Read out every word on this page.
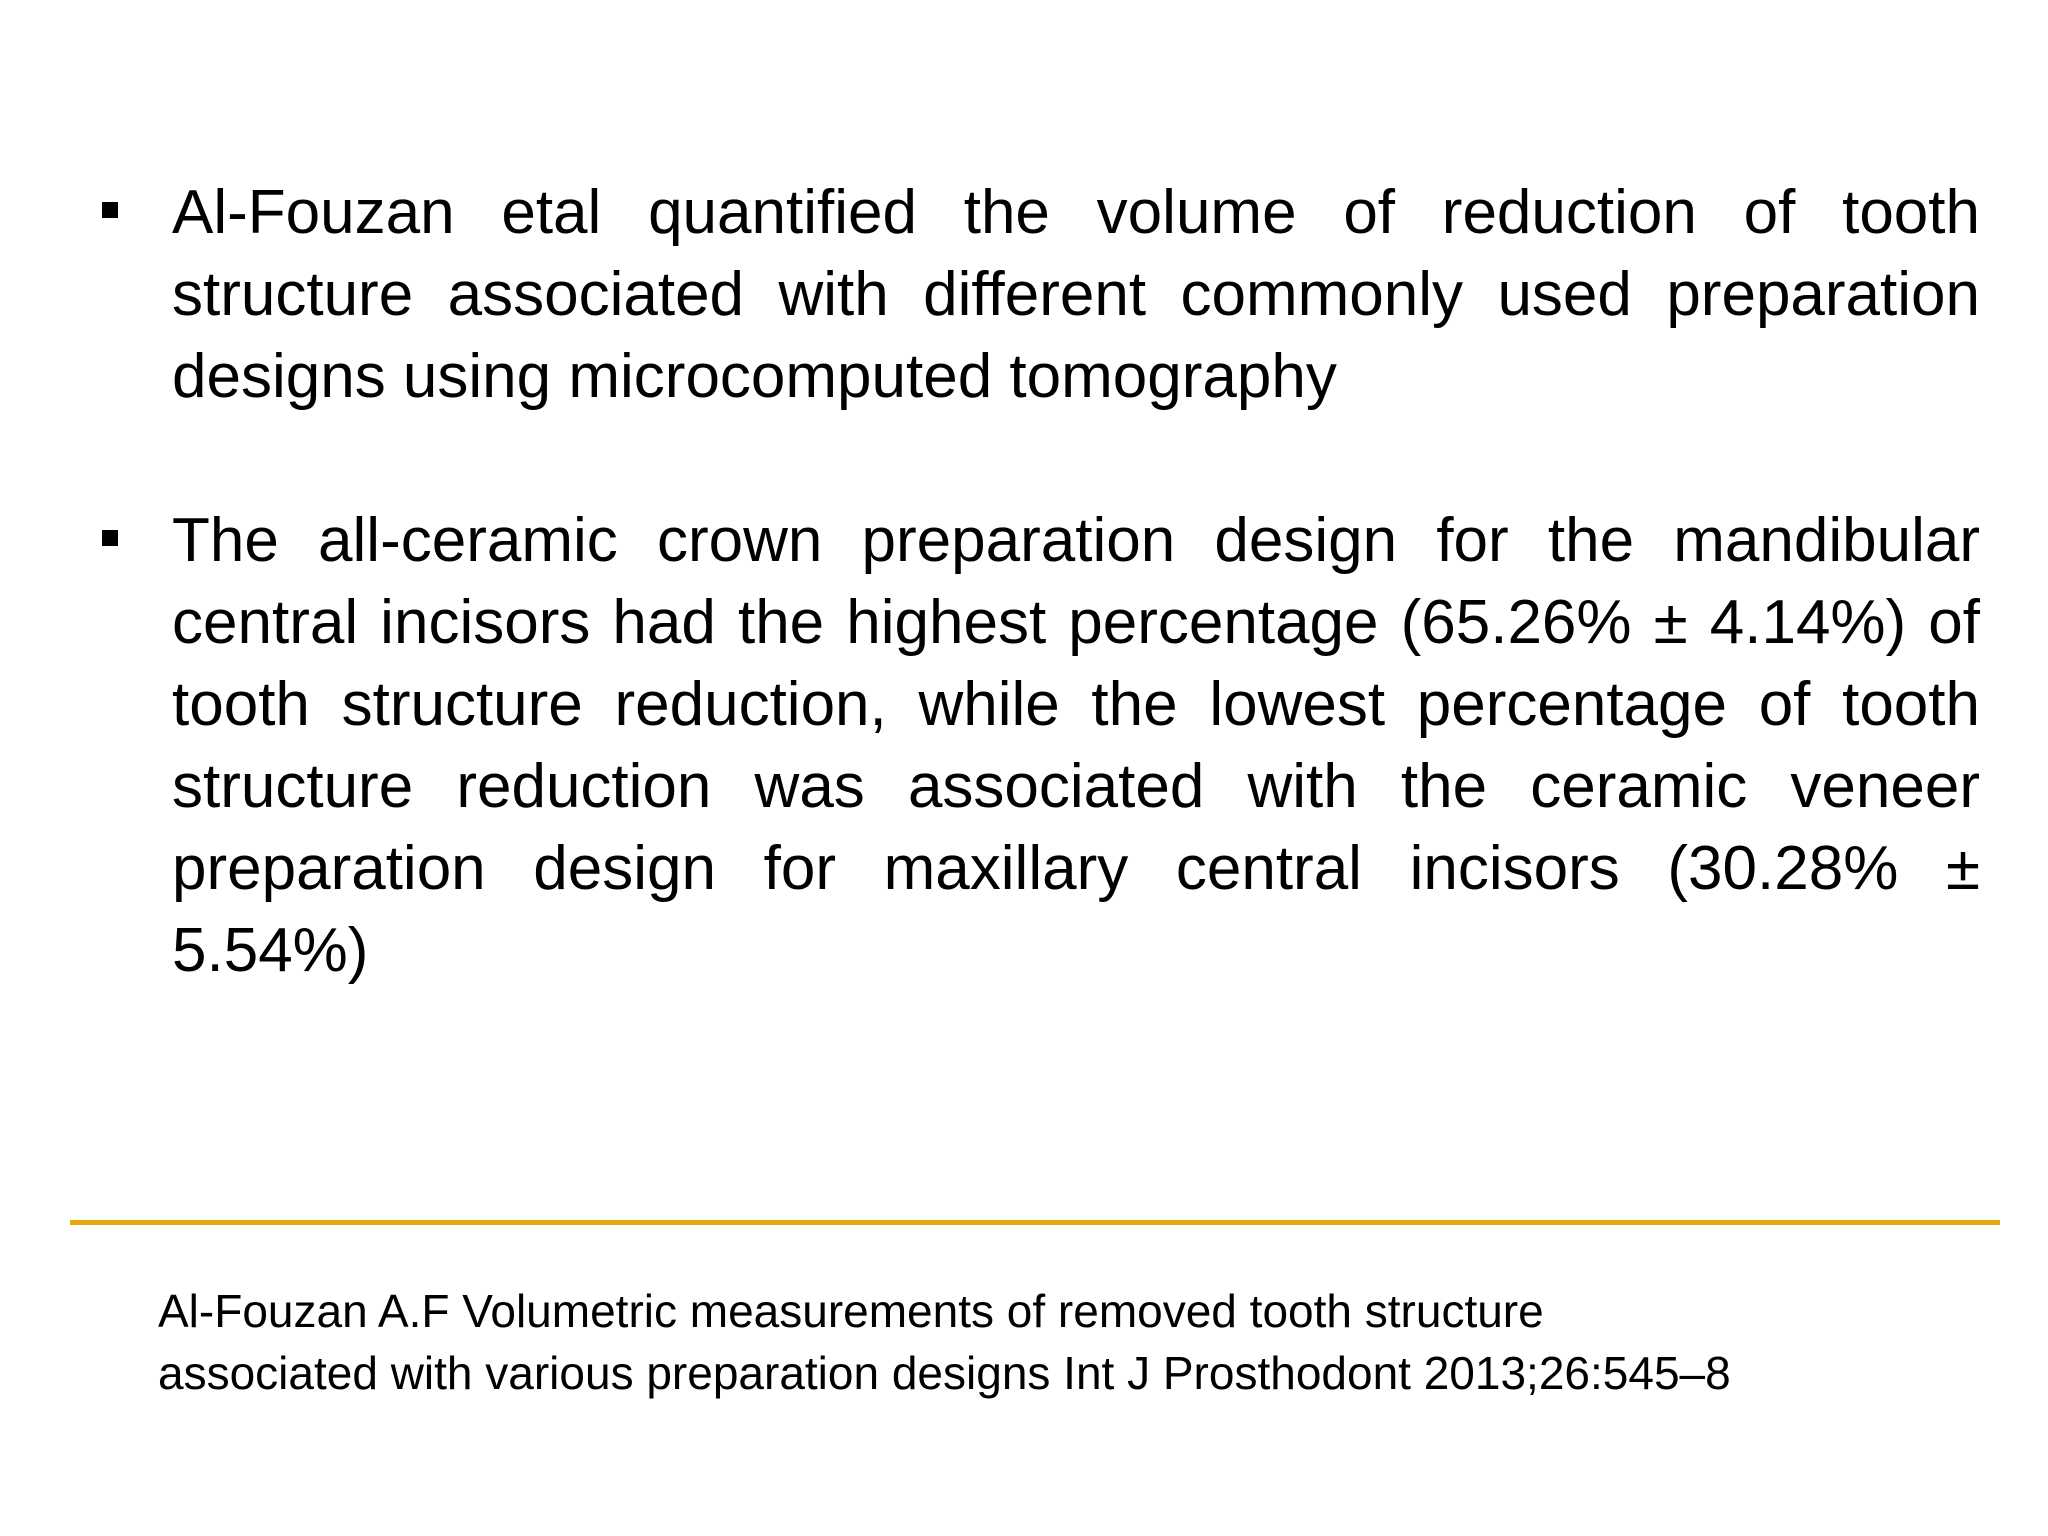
Al-Fouzan etal quantified the volume of reduction of tooth structure associated with different commonly used preparation designs using microcomputed tomography
The all-ceramic crown preparation design for the mandibular central incisors had the highest percentage (65.26% ± 4.14%) of tooth structure reduction, while the lowest percentage of tooth structure reduction was associated with the ceramic veneer preparation design for maxillary central incisors (30.28% ± 5.54%)
Al-Fouzan A.F Volumetric measurements of removed tooth structure
associated with various preparation designs Int J Prosthodont 2013;26:545–8
